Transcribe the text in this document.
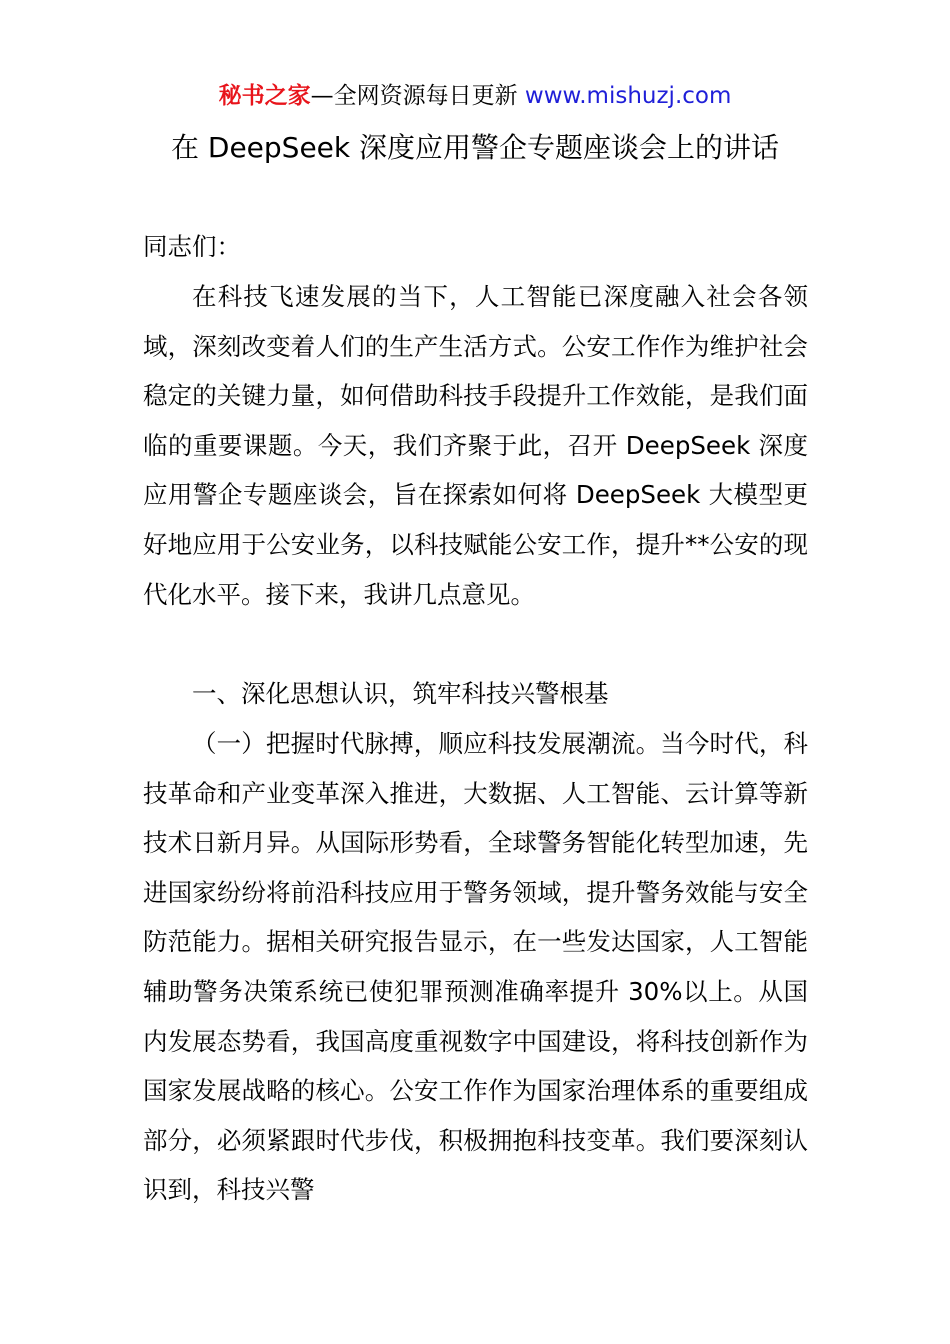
秘书之家—全网资源每日更新 www.mishuzj.com
在 DeepSeek 深度应用警企专题座谈会上的讲话
同志们：

在科技飞速发展的当下，人工智能已深度融入社会各领域，深刻改变着人们的生产生活方式。公安工作作为维护社会稳定的关键力量，如何借助科技手段提升工作效能，是我们面临的重要课题。今天，我们齐聚于此，召开 DeepSeek 深度应用警企专题座谈会，旨在探索如何将 DeepSeek 大模型更好地应用于公安业务，以科技赋能公安工作，提升**公安的现代化水平。接下来，我讲几点意见。

一、深化思想认识，筑牢科技兴警根基

（一）把握时代脉搏，顺应科技发展潮流。当今时代，科技革命和产业变革深入推进，大数据、人工智能、云计算等新技术日新月异。从国际形势看，全球警务智能化转型加速，先进国家纷纷将前沿科技应用于警务领域，提升警务效能与安全防范能力。据相关研究报告显示，在一些发达国家，人工智能辅助警务决策系统已使犯罪预测准确率提升 30%以上。从国内发展态势看，我国高度重视数字中国建设，将科技创新作为国家发展战略的核心。公安工作作为国家治理体系的重要组成部分，必须紧跟时代步伐，积极拥抱科技变革。我们要深刻认识到，科技兴警
